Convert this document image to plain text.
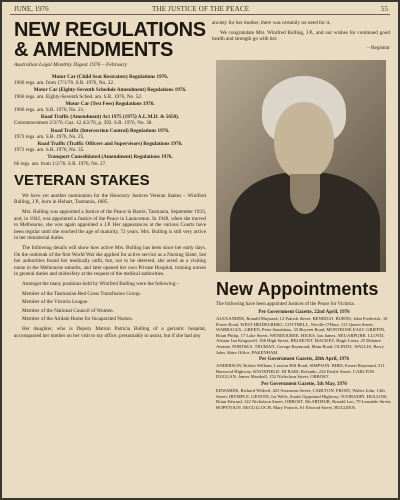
JUNE, 1976	THE JUSTICE OF THE PEACE	55
NEW REGULATIONS
& AMENDMENTS
Australian Legal Monthly Digest 1976 – February
Motor Car (Child Seat Restraints) Regulations 1976.
1966 regs. am. from 17/1/76. S.R. 1976, No. 22.
Motor Car (Eighty-Seventh Schedule Amendment) Regulations 1976.
1966 regs. am. Eighty-Seventh Sched. am. S.R. 1976, No. 52.
Motor Car (Test Fees) Regulations 1976.
1966 regs. am. S.R. 1976, No. 21.
Road Traffic (Amendment) Act 1975 (1975) A.L.M.D. & 5650).
Commencement 2/3/76. Gaz. 12.4/2/76, p. 393. S.R. 1976, No. 38.
Road Traffic (Intersection Control) Regulations 1976.
1973 regs. am. S.R. 1976, No. 25.
Road Traffic (Traffic Officers and Supervisors) Regulations 1976.
1973 regs. am. S.R. 1976, No. 35.
Transport Consolidated (Amendment) Regulations 1976.
60 regs. am. from 1/2/76. S.R. 1976, No. 27.
VETERAN STAKES

We have yet another nomination for the Honorary Justices Veteran Stakes – Winifred Bulling, J.P., born in Hobart, Tasmania, 1885.

Mrs. Bulling was appointed a Justice of the Peace in Barrie, Tasmania, September 1933, and, in 1942, was appointed a Justice of the Peace in Launceston. In 1948, when she moved to Melbourne, she was again appointed a J.P. Her appearances at the various Courts have been regular until she reached the age of maturity, 72 years. Mrs. Bulling is still very active in her ministerial duties.

The following details will show how active Mrs. Bulling has been since her early days. On the outbreak of the first World War she applied for active service as a Nursing Sister, but her authorities found her medically unfit, but, not to be deterred, she acted as a visiting nurse in the Melbourne suburbs, and later opened her own Private Hospital, training nurses in general duties and midwifery at the request of the medical authorities.

Amongst the many positions held by Winifred Bulling were the following:–

Member of the Tasmanian Red Cross Transfusion Group.
Member of the Victoria League.
Member of the National Council of Women.
Member of the Airdale Home for Incapacited Nurses.

Her daughter, who is Deputy Matron Patricia Bulling of a geriatric hospital, accompanied her mother on her visit to my office, presumably to assist, but if she had any

anxiety for her mother, there was certainly no need for it.

We congratulate Mrs. Winifred Bulling, J.P., and our wishes for continued good health and strength go with her.

– Registrar
New Appointments
The following have been appointed Justices of the Peace for Victoria.
Per Government Gazette, 22nd April, 1976
ALEXANDER, Ronald Maynard, 12 Patrick Street, BENDIGO. BURNS, John Frederick, 16 Porter Road, WEST HEIDELBERG. COTTRELL, Neville O'Hara, 115 Queen Street, WARRAGUL. GREEN, Peter Stanislaus, 35 Boyeen Road, MONTROSE EAST. GRIFFIN, Brian Philip, 17 Lake Street, WENDOUREE. HICKS, Ian James, NEUARPURR. LLOYD, Alistair Ian Kingswell, 166 High Street, BELMONT. MACKEY, Hugh Lister, 25 Delance Avenue, PORTSEA. TRUMAN, George Raymond, Main Road, OLINDA. WALLIS, Barry John, Shire Office, PAKENHAM.
Per Government Gazette, 28th April, 1976
ANDERSON, Robert William, Lawton Hill Road, SIMPSON. BIRD, Ernest Raymond, 511 Burwood Highway, KNOXFIELD. DI BARI, Rolando, 224 Fairlie Street, CARLTON. DUGGAN, James Marshall, 152 Nicholson Street, ORBOST.
Per Government Gazette, 5th May, 1976
EDWARDS, Richard Wilfred, 425 Swanston Street, CARLTON. FROST, Walter John, 13th Street, IRYMPLE. GENONI, Ira Wells, South Gippsland Highway, TOORADIN. HOLLINS, Brian Edward, 122 Nicholson Street, ORBOST. McARTHUR, Ronald Leo, 79 Lansdale Street, HOPETOUN. McCULLOCH, Mary Francis, 61 Elwood Street, BULLEEN.
